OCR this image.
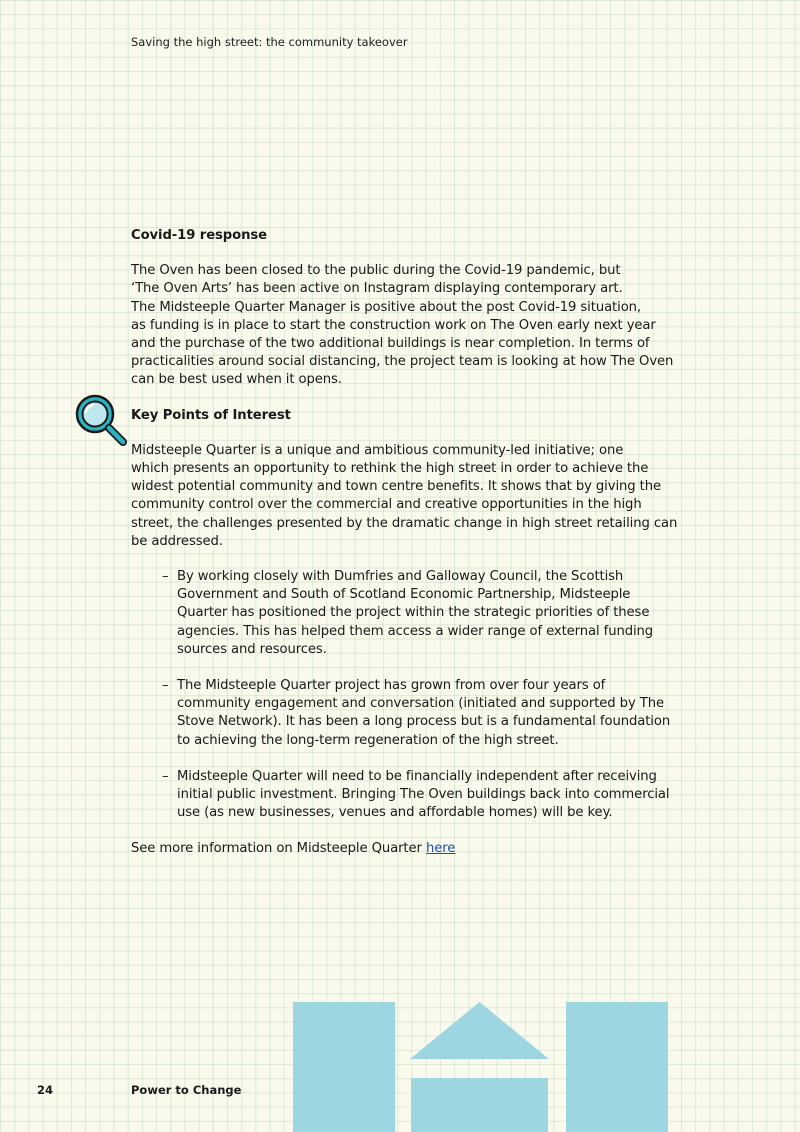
Saving the high street: the community takeover
Covid-19 response
The Oven has been closed to the public during the Covid-19 pandemic, but
‘The Oven Arts’ has been active on Instagram displaying contemporary art.
The Midsteeple Quarter Manager is positive about the post Covid-19 situation,
as funding is in place to start the construction work on The Oven early next year
and the purchase of the two additional buildings is near completion. In terms of
practicalities around social distancing, the project team is looking at how The Oven
can be best used when it opens.
Key Points of Interest
Midsteeple Quarter is a unique and ambitious community-led initiative; one
which presents an opportunity to rethink the high street in order to achieve the
widest potential community and town centre benefits. It shows that by giving the
community control over the commercial and creative opportunities in the high
street, the challenges presented by the dramatic change in high street retailing can
be addressed.
– By working closely with Dumfries and Galloway Council, the Scottish
Government and South of Scotland Economic Partnership, Midsteeple
Quarter has positioned the project within the strategic priorities of these
agencies. This has helped them access a wider range of external funding
sources and resources.
– The Midsteeple Quarter project has grown from over four years of
community engagement and conversation (initiated and supported by The
Stove Network). It has been a long process but is a fundamental foundation
to achieving the long-term regeneration of the high street.
– Midsteeple Quarter will need to be financially independent after receiving
initial public investment. Bringing The Oven buildings back into commercial
use (as new businesses, venues and affordable homes) will be key.
See more information on Midsteeple Quarter here
24	Power to Change
